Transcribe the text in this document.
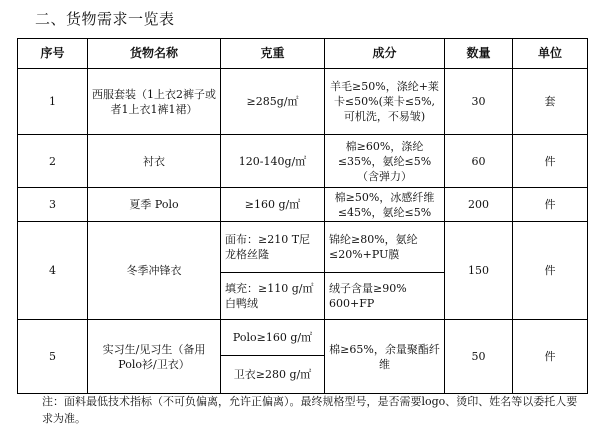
二、货物需求一览表
序号	货物名称	克重	成分	数量	单位
1	西服套装（1上衣2裤子或者1上衣1裤1裙）	≥285g/㎡	羊毛≥50%，涤纶+莱卡≤50%(莱卡≤5%,可机洗，不易皱)	30	套
2	衬衣	120-140g/㎡	棉≥60%，涤纶≤35%，氨纶≤5%（含弹力）	60	件
3	夏季 Polo	≥160 g/㎡	棉≥50%，冰感纤维≤45%，氨纶≤5%	200	件
4	冬季冲锋衣	面布：≥210 T尼龙格丝隆	锦纶≥80%，氨纶≤20%+PU膜	150	件
		填充：≥110 g/㎡白鸭绒	绒子含量≥90% 600+FP		
5	实习生/见习生（备用Polo衫/卫衣）	Polo≥160 g/㎡	棉≥65%，余量聚酯纤维	50	件
		卫衣≥280 g/㎡			
注：面料最低技术指标（不可负偏离，允许正偏离）。最终规格型号，是否需要logo、烫印、姓名等以委托人要求为准。
